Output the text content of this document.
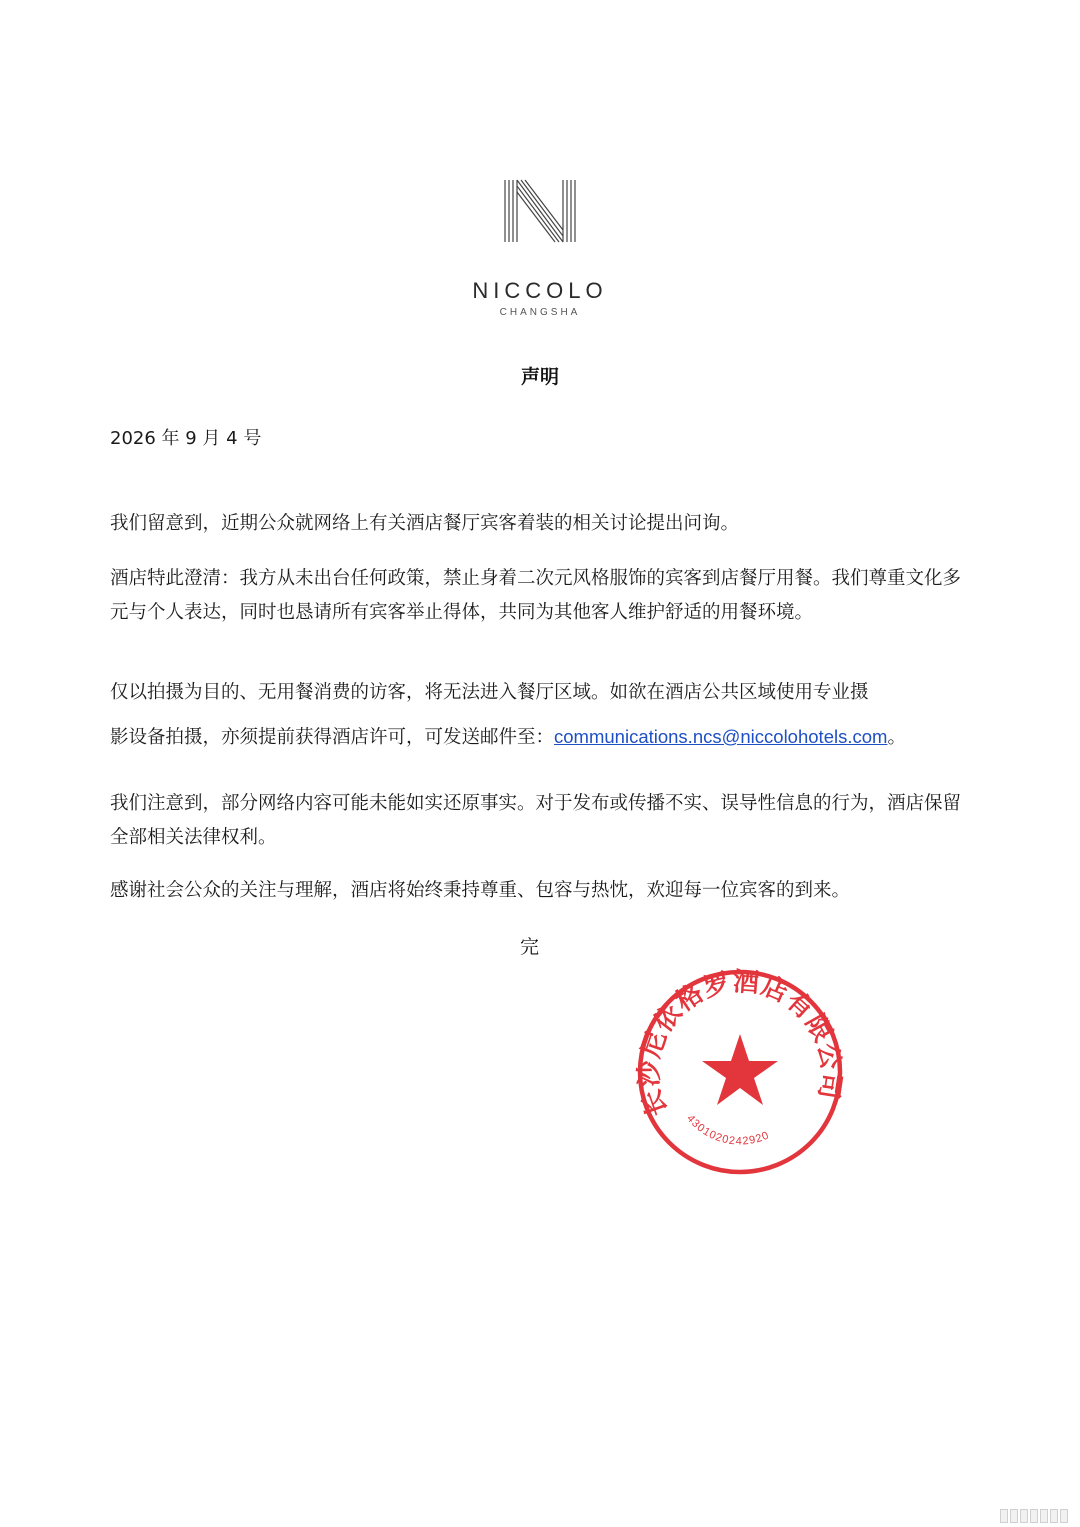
NICCOLO
CHANGSHA
声明
2026 年 9 月 4 号

我们留意到，近期公众就网络上有关酒店餐厅宾客着装的相关讨论提出问询。

酒店特此澄清：我方从未出台任何政策，禁止身着二次元风格服饰的宾客到店餐厅用餐。我们尊重文化多元与个人表达，同时也恳请所有宾客举止得体，共同为其他客人维护舒适的用餐环境。

仅以拍摄为目的、无用餐消费的访客，将无法进入餐厅区域。如欲在酒店公共区域使用专业摄

影设备拍摄，亦须提前获得酒店许可，可发送邮件至：communications.ncs@niccolohotels.com。

我们注意到，部分网络内容可能未能如实还原事实。对于发布或传播不实、误导性信息的行为，酒店保留全部相关法律权利。

感谢社会公众的关注与理解，酒店将始终秉持尊重、包容与热忱，欢迎每一位宾客的到来。

完
长沙尼依格罗酒店有限公司
4301020242920
